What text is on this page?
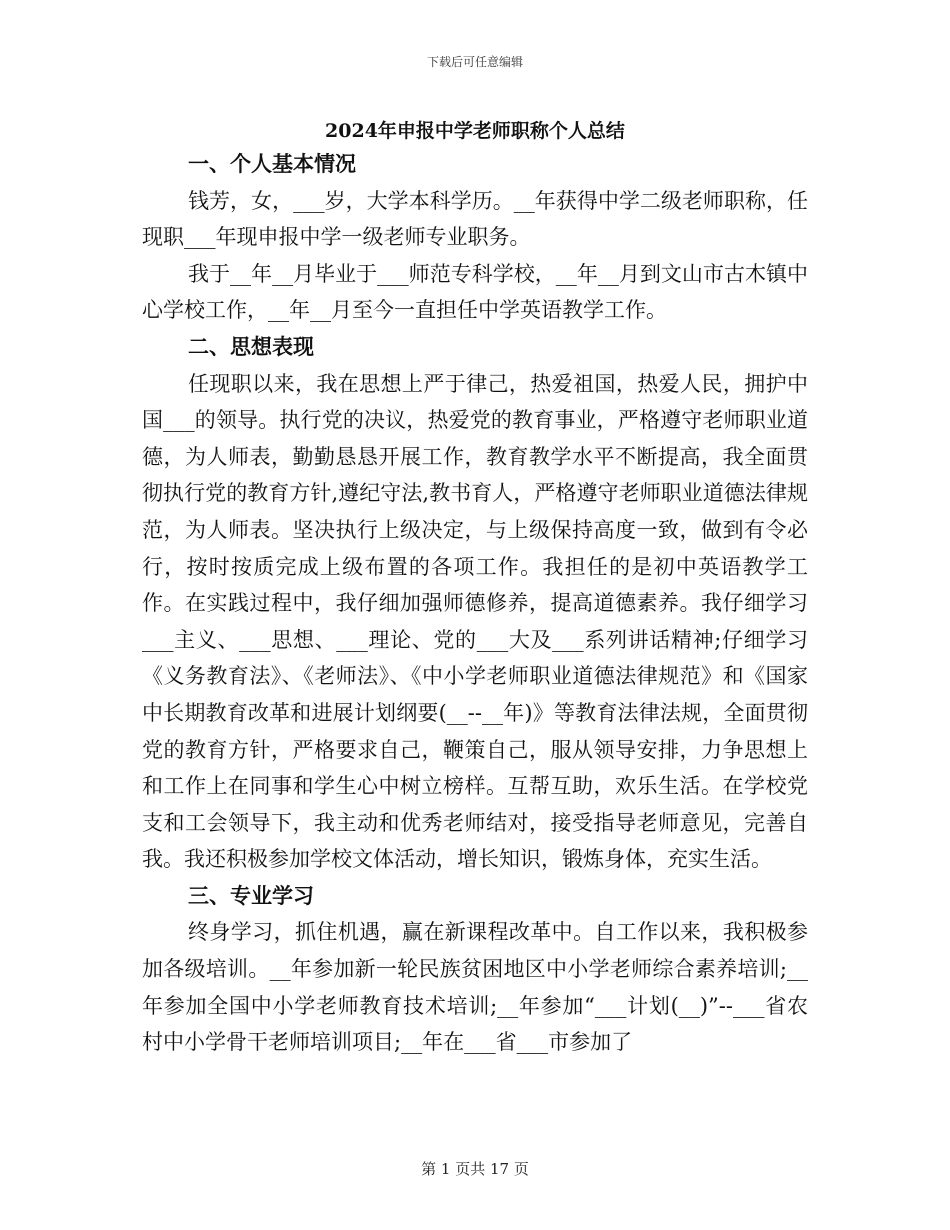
下载后可任意编辑
2024年申报中学老师职称个人总结

一、个人基本情况

钱芳，女，___岁，大学本科学历。__年获得中学二级老师职称，任现职___年现申报中学一级老师专业职务。

我于__年__月毕业于___师范专科学校，__年__月到文山市古木镇中心学校工作，__年__月至今一直担任中学英语教学工作。

二、思想表现

任现职以来，我在思想上严于律己，热爱祖国，热爱人民，拥护中国___的领导。执行党的决议，热爱党的教育事业，严格遵守老师职业道德，为人师表，勤勤恳恳开展工作，教育教学水平不断提高，我全面贯彻执行党的教育方针,遵纪守法,教书育人，严格遵守老师职业道德法律规范，为人师表。坚决执行上级决定，与上级保持高度一致，做到有令必行，按时按质完成上级布置的各项工作。我担任的是初中英语教学工作。在实践过程中，我仔细加强师德修养，提高道德素养。我仔细学习___主义、___思想、___理论、党的___大及___系列讲话精神;仔细学习《义务教育法》、《老师法》、《中小学老师职业道德法律规范》和《国家中长期教育改革和进展计划纲要(__--__年)》等教育法律法规，全面贯彻党的教育方针，严格要求自己，鞭策自己，服从领导安排，力争思想上和工作上在同事和学生心中树立榜样。互帮互助，欢乐生活。在学校党支和工会领导下，我主动和优秀老师结对，接受指导老师意见，完善自我。我还积极参加学校文体活动，增长知识，锻炼身体，充实生活。

三、专业学习

终身学习，抓住机遇，赢在新课程改革中。自工作以来，我积极参加各级培训。__年参加新一轮民族贫困地区中小学老师综合素养培训;__年参加全国中小学老师教育技术培训;__年参加“___计划(__)”--___省农村中小学骨干老师培训项目;__年在___省___市参加了

第 1 页共 17 页
